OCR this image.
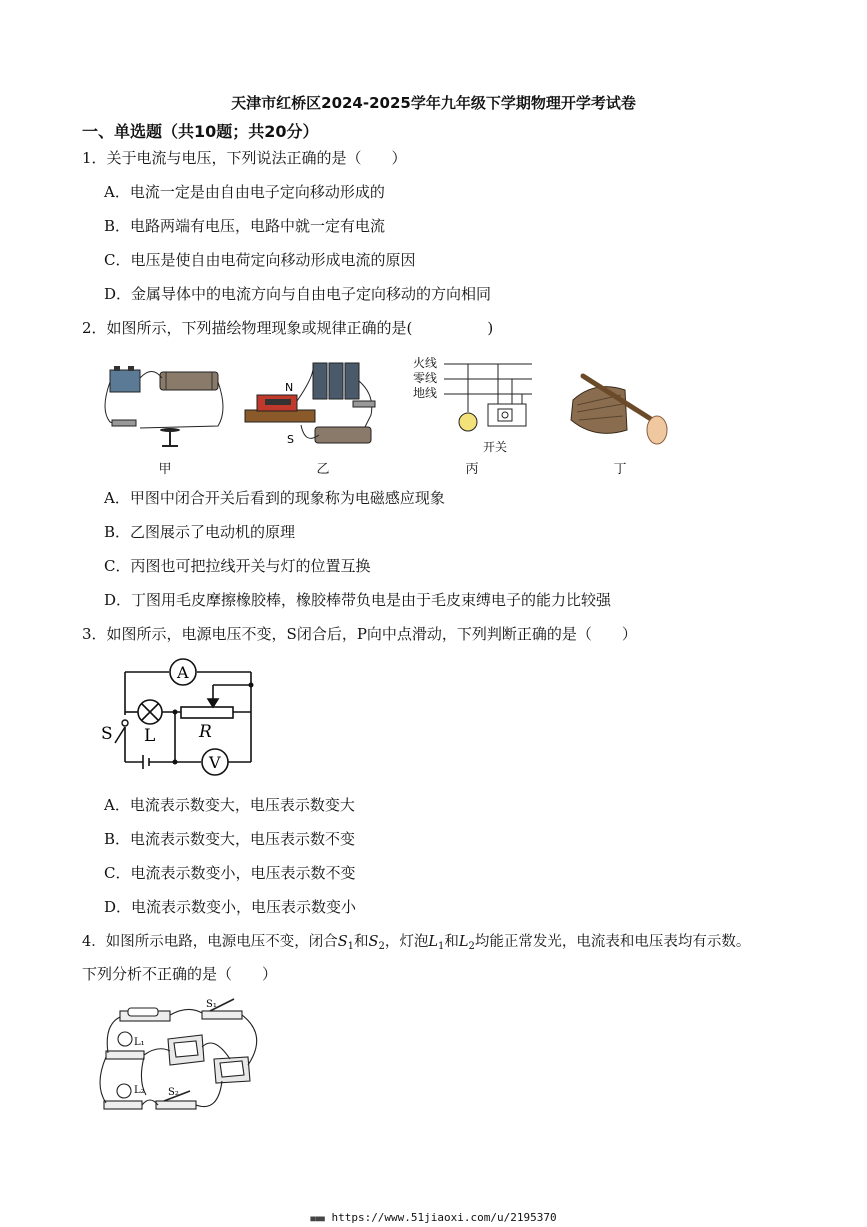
天津市红桥区2024-2025学年九年级下学期物理开学考试卷
一、单选题（共10题；共20分）
1．关于电流与电压，下列说法正确的是（　　）
A．电流一定是由自由电子定向移动形成的
B．电路两端有电压，电路中就一定有电流
C．电压是使自由电荷定向移动形成电流的原因
D．金属导体中的电流方向与自由电子定向移动的方向相同
2．如图所示，下列描绘物理现象或规律正确的是(　　　　　)
甲
N
S
乙
火线
零线
地线
开关
丙	丁
A．甲图中闭合开关后看到的现象称为电磁感应现象
B．乙图展示了电动机的原理
C．丙图也可把拉线开关与灯的位置互换
D．丁图用毛皮摩擦橡胶棒，橡胶棒带负电是由于毛皮束缚电子的能力比较强
3．如图所示，电源电压不变，S闭合后，P向中点滑动，下列判断正确的是（　　）
A
V
L
S	R
A．电流表示数变大，电压表示数变大
B．电流表示数变大，电压表示数不变
C．电流表示数变小，电压表示数不变
D．电流表示数变小，电压表示数变小
4．如图所示电路，电源电压不变，闭合$S_1$和$S_2$，灯泡$L_1$和$L_2$均能正常发光，电流表和电压表均有示数。
下列分析不正确的是（　　）
S₁
L₁
L₂ S₂
■■■ https://www.51jiaoxi.com/u/2195370
